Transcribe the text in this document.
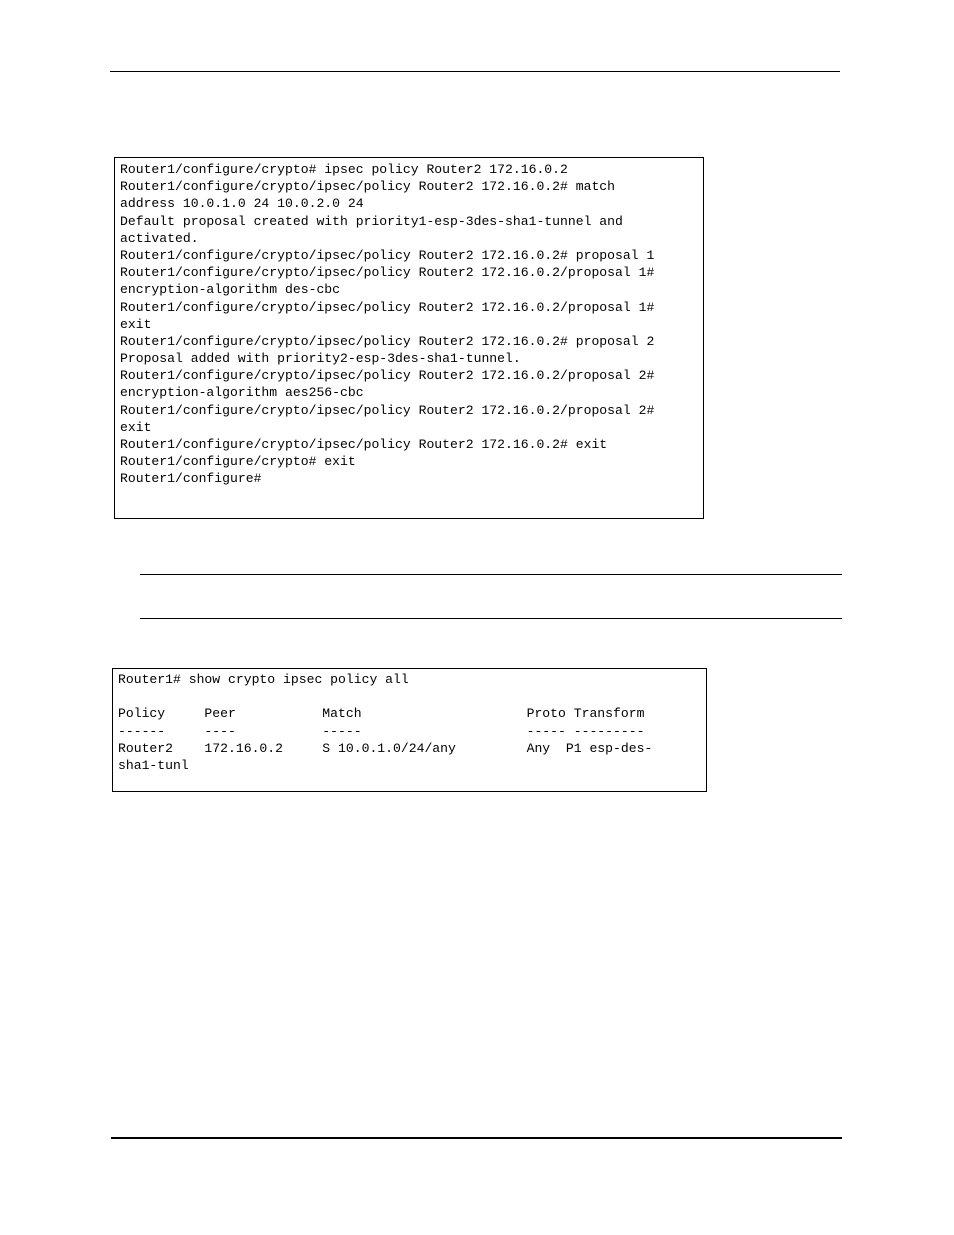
Router1/configure/crypto# ipsec policy Router2 172.16.0.2
Router1/configure/crypto/ipsec/policy Router2 172.16.0.2# match
address 10.0.1.0 24 10.0.2.0 24
Default proposal created with priority1-esp-3des-sha1-tunnel and
activated.
Router1/configure/crypto/ipsec/policy Router2 172.16.0.2# proposal 1
Router1/configure/crypto/ipsec/policy Router2 172.16.0.2/proposal 1#
encryption-algorithm des-cbc
Router1/configure/crypto/ipsec/policy Router2 172.16.0.2/proposal 1#
exit
Router1/configure/crypto/ipsec/policy Router2 172.16.0.2# proposal 2
Proposal added with priority2-esp-3des-sha1-tunnel.
Router1/configure/crypto/ipsec/policy Router2 172.16.0.2/proposal 2#
encryption-algorithm aes256-cbc
Router1/configure/crypto/ipsec/policy Router2 172.16.0.2/proposal 2#
exit
Router1/configure/crypto/ipsec/policy Router2 172.16.0.2# exit
Router1/configure/crypto# exit
Router1/configure#
Router1# show crypto ipsec policy all
Policy     Peer           Match                     Proto Transform
------     ----           -----                     ----- ---------
Router2    172.16.0.2     S 10.0.1.0/24/any         Any  P1 esp-des-
sha1-tunl
